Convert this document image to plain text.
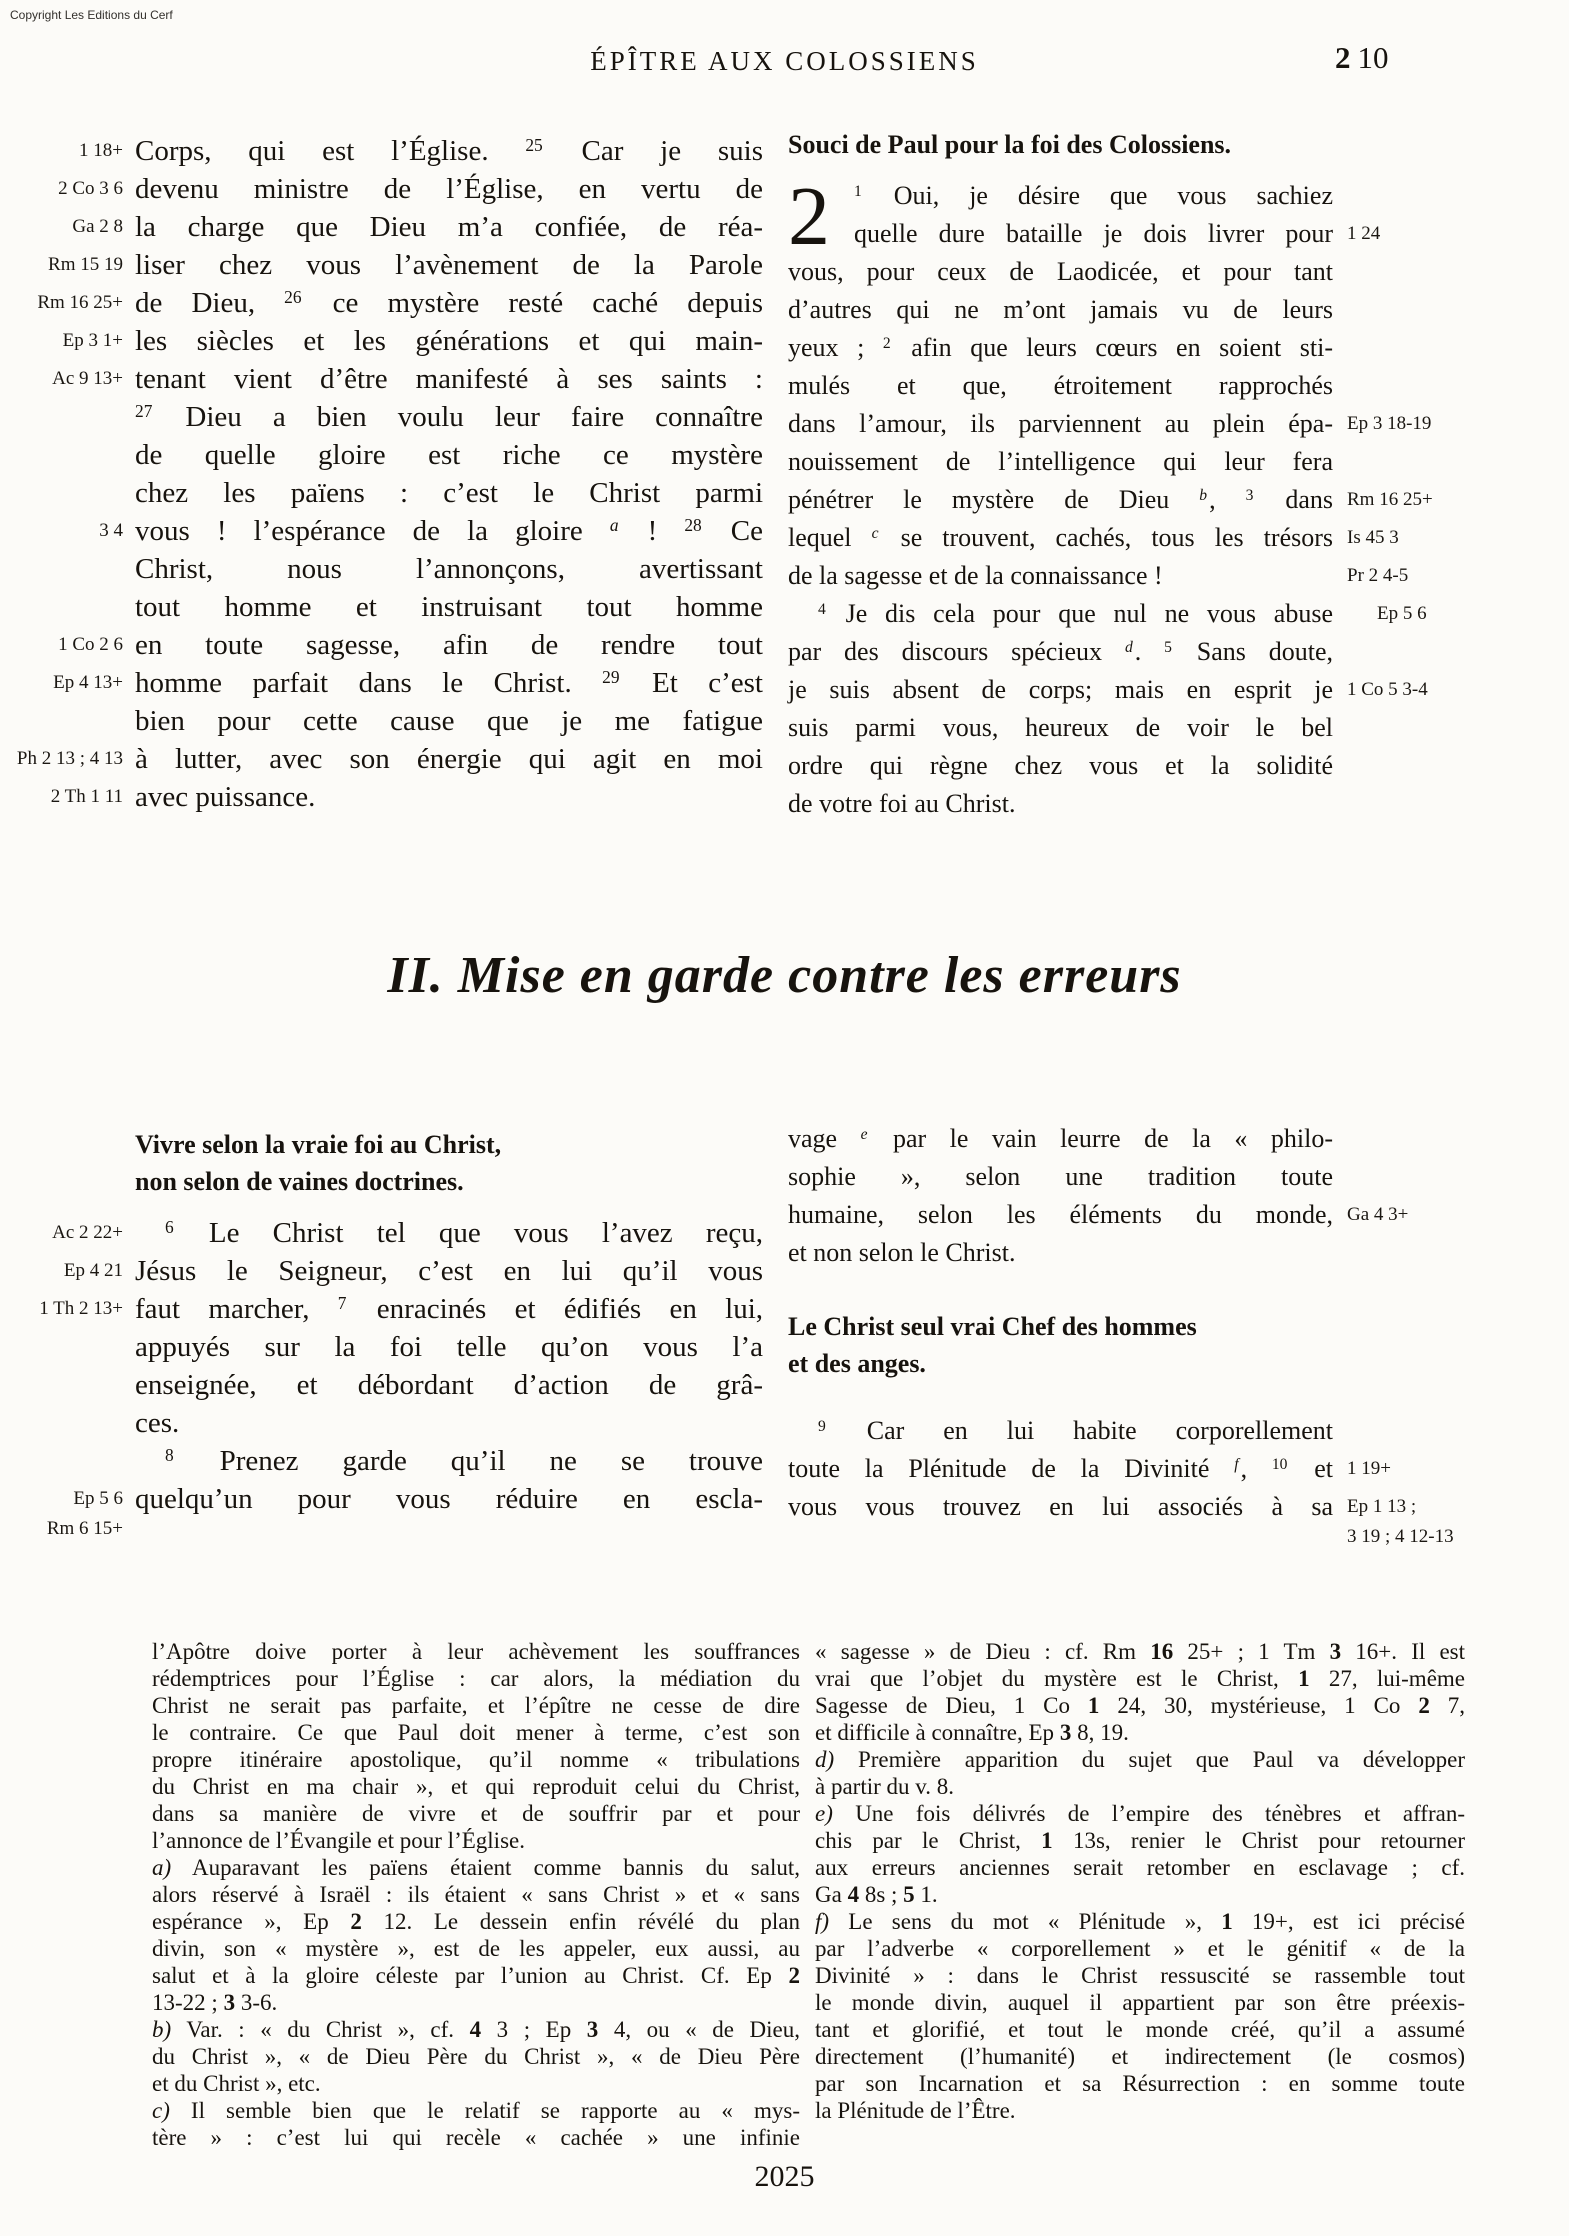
Copyright Les Editions du Cerf
ÉPÎTRE AUX COLOSSIENS	2 10
Corps, qui est l’Église. $^{25}$ Car je suis
1 18+
devenu ministre de l’Église, en vertu de
2 Co 3 6
la charge que Dieu m’a confiée, de réa-
Ga 2 8
liser chez vous l’avènement de la Parole
Rm 15 19
de Dieu, $^{26}$ ce mystère resté caché depuis
Rm 16 25+
les siècles et les générations et qui main-
Ep 3 1+
tenant vient d’être manifesté à ses saints :
Ac 9 13+
$^{27}$ Dieu a bien voulu leur faire connaître
de quelle gloire est riche ce mystère
chez les païens : c’est le Christ parmi
vous ! l’espérance de la gloire $^a$ ! $^{28}$ Ce
3 4
Christ, nous l’annonçons, avertissant
tout homme et instruisant tout homme
en toute sagesse, afin de rendre tout
1 Co 2 6
homme parfait dans le Christ. $^{29}$ Et c’est
Ep 4 13+
bien pour cette cause que je me fatigue
à lutter, avec son énergie qui agit en moi
Ph 2 13 ; 4 13
avec puissance.
2 Th 1 11
Souci de Paul pour la foi des Colossiens.
2	$^1$ Oui, je désire que vous sachiez
quelle dure bataille je dois livrer pour 1 24
vous, pour ceux de Laodicée, et pour tant
d’autres qui ne m’ont jamais vu de leurs
yeux ; $^2$ afin que leurs cœurs en soient sti-
mulés et que, étroitement rapprochés
dans l’amour, ils parviennent au plein épa- Ep 3 18-19
nouissement de l’intelligence qui leur fera
pénétrer le mystère de Dieu $^b$, $^3$ dans Rm 16 25+
lequel $^c$ se trouvent, cachés, tous les trésors Is 45 3
de la sagesse et de la connaissance !	Pr 2 4-5
$^4$ Je dis cela pour que nul ne vous abuse	Ep 5 6
par des discours spécieux $^d$. $^5$ Sans doute,
je suis absent de corps; mais en esprit je 1 Co 5 3-4
suis parmi vous, heureux de voir le bel
ordre qui règne chez vous et la solidité
de votre foi au Christ.
II. Mise en garde contre les erreurs
Vivre selon la vraie foi au Christ,
non selon de vaines doctrines.
$^6$ Le Christ tel que vous l’avez reçu,
Ac 2 22+
Jésus le Seigneur, c’est en lui qu’il vous
Ep 4 21
faut marcher, $^7$ enracinés et édifiés en lui,
1 Th 2 13+
appuyés sur la foi telle qu’on vous l’a
enseignée, et débordant d’action de grâ-
ces.
$^8$ Prenez garde qu’il ne se trouve
quelqu’un pour vous réduire en escla-
Ep 5 6
Rm 6 15+
vage $^e$ par le vain leurre de la « philo-
sophie », selon une tradition toute
humaine, selon les éléments du monde, Ga 4 3+
et non selon le Christ.
Le Christ seul vrai Chef des hommes
et des anges.
$^9$ Car en lui habite corporellement
toute la Plénitude de la Divinité $^f$, $^{10}$ et 1 19+
vous vous trouvez en lui associés à sa Ep 1 13 ;
3 19 ; 4 12-13
l’Apôtre doive porter à leur achèvement les souffrances
rédemptrices pour l’Église : car alors, la médiation du
Christ ne serait pas parfaite, et l’épître ne cesse de dire
le contraire. Ce que Paul doit mener à terme, c’est son
propre itinéraire apostolique, qu’il nomme « tribulations
du Christ en ma chair », et qui reproduit celui du Christ,
dans sa manière de vivre et de souffrir par et pour
l’annonce de l’Évangile et pour l’Église.
a) Auparavant les païens étaient comme bannis du salut,
alors réservé à Israël : ils étaient « sans Christ » et « sans
espérance », Ep 2 12. Le dessein enfin révélé du plan
divin, son « mystère », est de les appeler, eux aussi, au
salut et à la gloire céleste par l’union au Christ. Cf. Ep 2
13-22 ; 3 3-6.
b) Var. : « du Christ », cf. 4 3 ; Ep 3 4, ou « de Dieu,
du Christ », « de Dieu Père du Christ », « de Dieu Père
et du Christ », etc.
c) Il semble bien que le relatif se rapporte au « mys-
tère » : c’est lui qui recèle « cachée » une infinie
« sagesse » de Dieu : cf. Rm 16 25+ ; 1 Tm 3 16+. Il est
vrai que l’objet du mystère est le Christ, 1 27, lui-même
Sagesse de Dieu, 1 Co 1 24, 30, mystérieuse, 1 Co 2 7,
et difficile à connaître, Ep 3 8, 19.
d) Première apparition du sujet que Paul va développer
à partir du v. 8.
e) Une fois délivrés de l’empire des ténèbres et affran-
chis par le Christ, 1 13s, renier le Christ pour retourner
aux erreurs anciennes serait retomber en esclavage ; cf.
Ga 4 8s ; 5 1.
f) Le sens du mot « Plénitude », 1 19+, est ici précisé
par l’adverbe « corporellement » et le génitif « de la
Divinité » : dans le Christ ressuscité se rassemble tout
le monde divin, auquel il appartient par son être préexis-
tant et glorifié, et tout le monde créé, qu’il a assumé
directement (l’humanité) et indirectement (le cosmos)
par son Incarnation et sa Résurrection : en somme toute
la Plénitude de l’Être.
2025
